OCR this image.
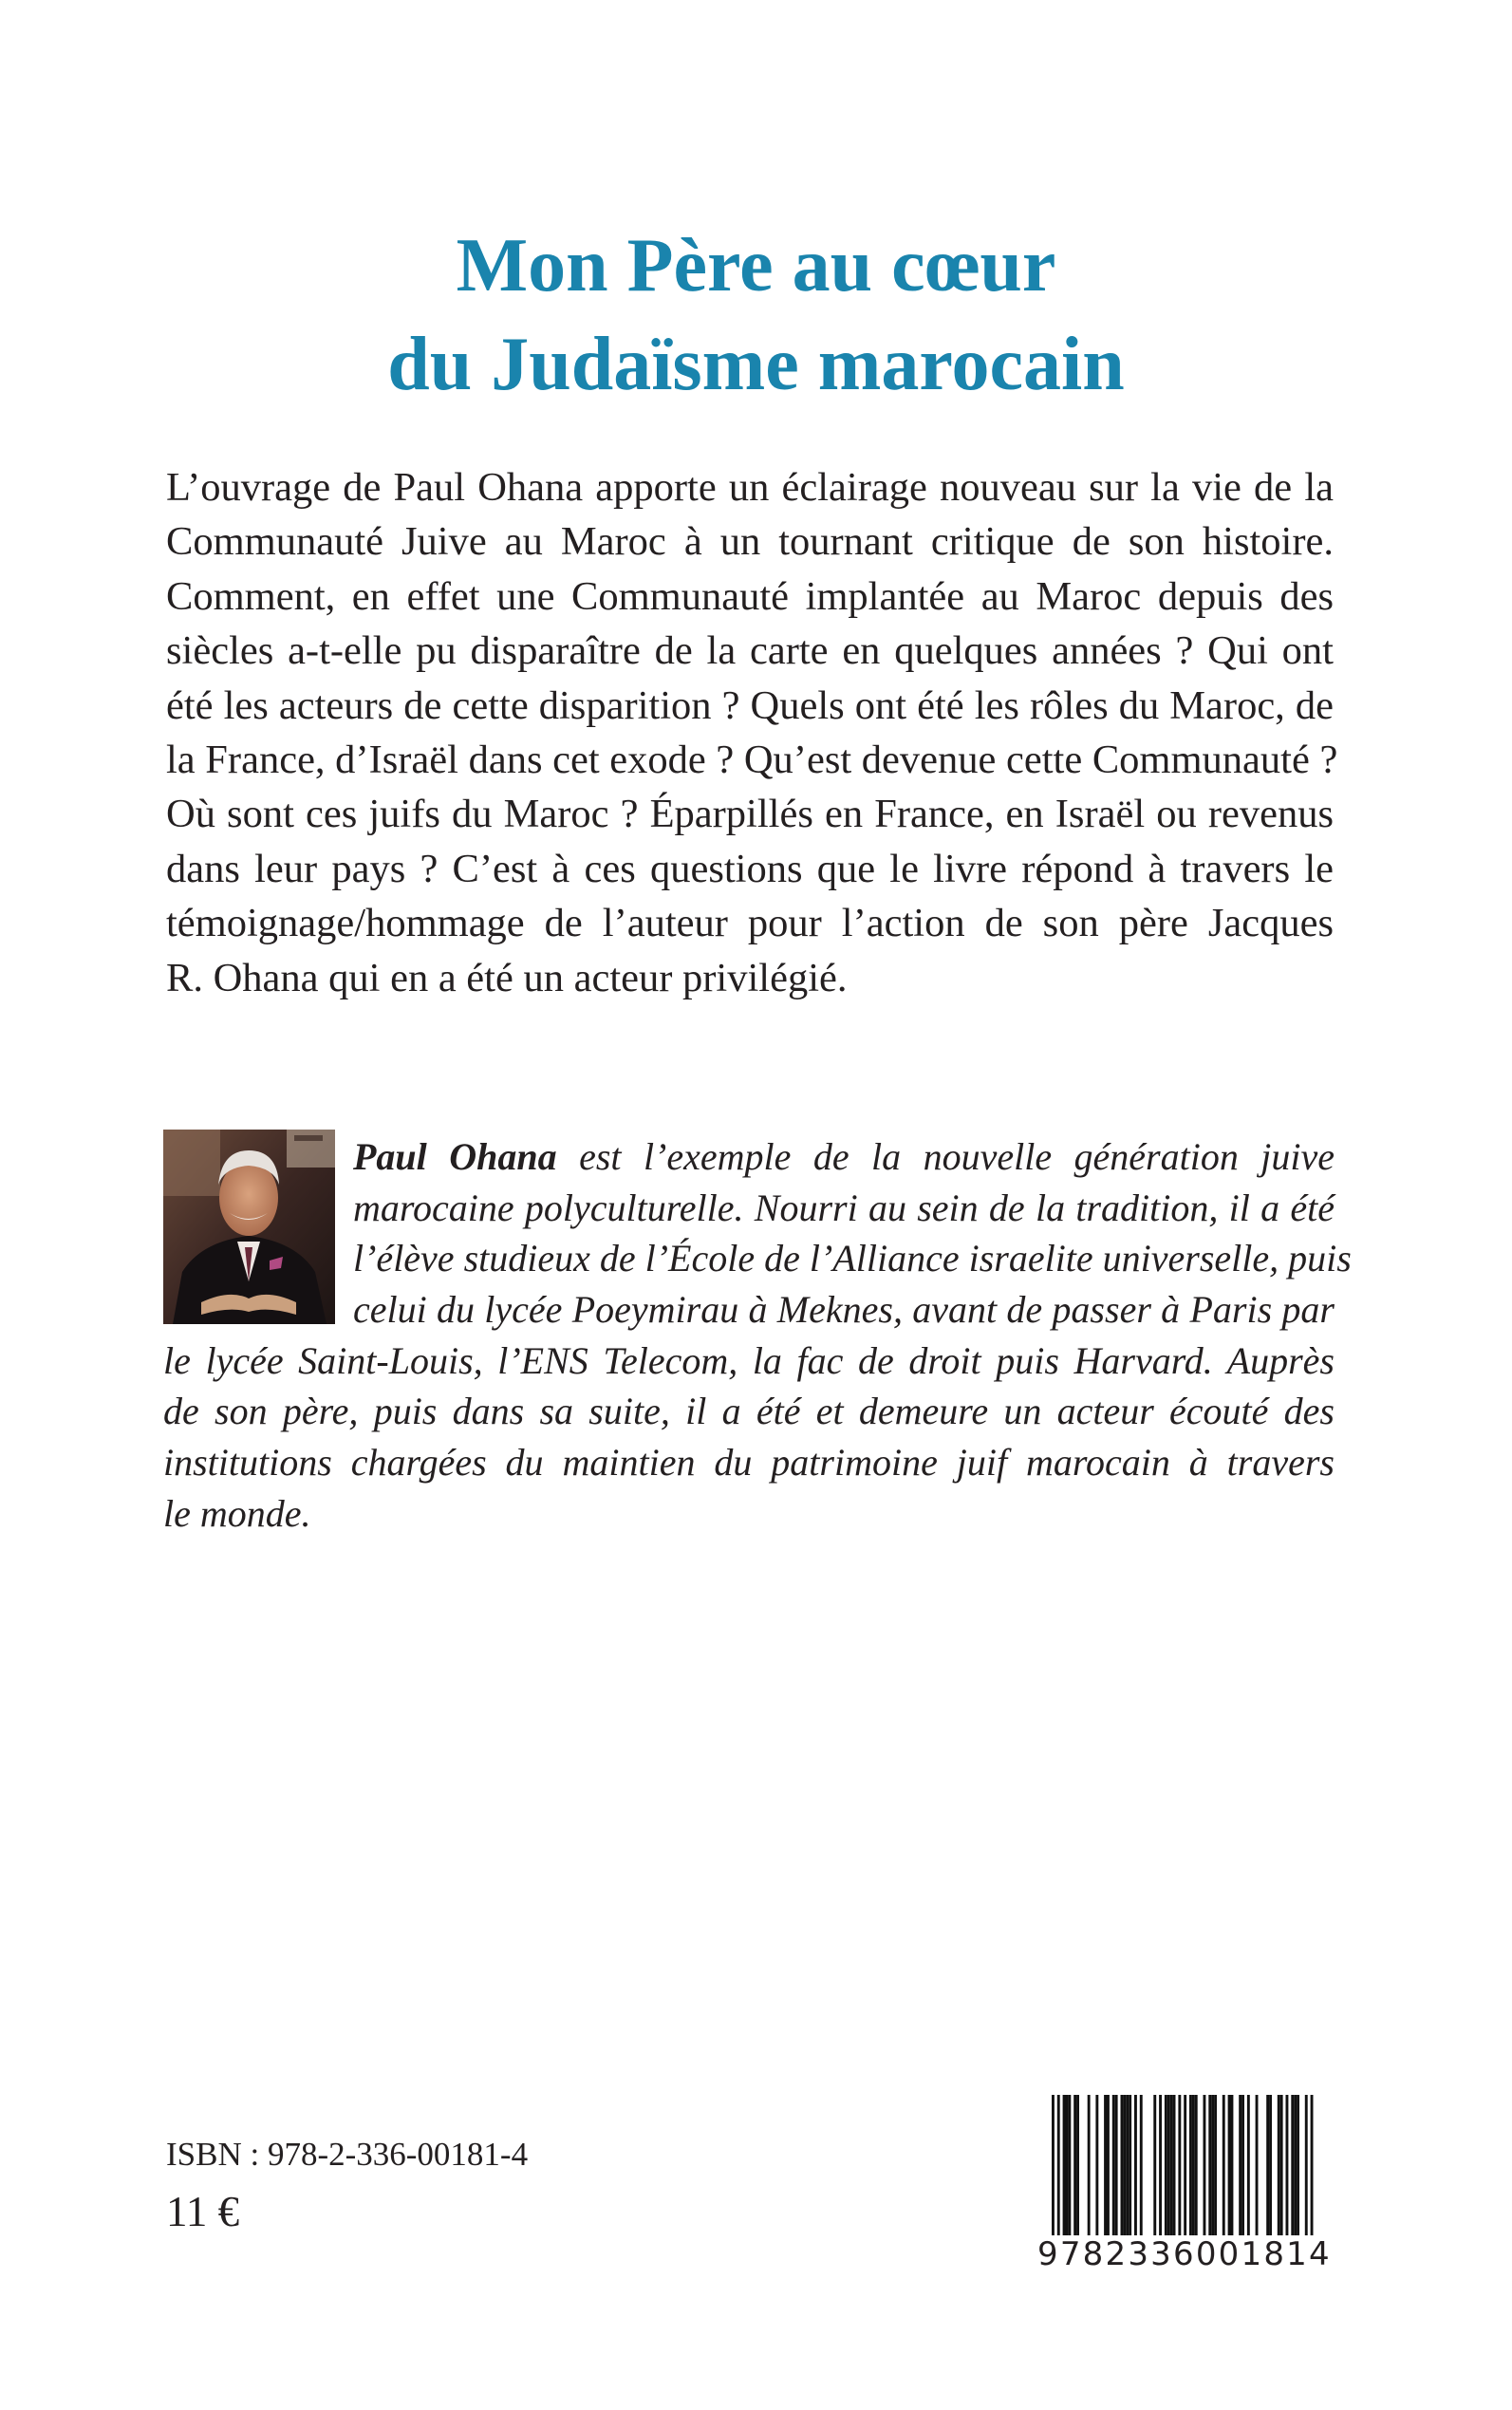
Mon Père au cœur
du Judaïsme marocain
L’ouvrage de Paul Ohana apporte un éclairage nouveau sur la vie de la
Communauté Juive au Maroc à un tournant critique de son histoire.
Comment, en effet une Communauté implantée au Maroc depuis des
siècles a-t-elle pu disparaître de la carte en quelques années ? Qui ont
été les acteurs de cette disparition ? Quels ont été les rôles du Maroc, de
la France, d’Israël dans cet exode ? Qu’est devenue cette Communauté ?
Où sont ces juifs du Maroc ? Éparpillés en France, en Israël ou revenus
dans leur pays ? C’est à ces questions que le livre répond à travers le
témoignage/hommage de l’auteur pour l’action de son père Jacques
R. Ohana qui en a été un acteur privilégié.
Paul Ohana est l’exemple de la nouvelle génération juive
marocaine polyculturelle. Nourri au sein de la tradition, il a été
l’élève studieux de l’École de l’Alliance israelite universelle, puis
celui du lycée Poeymirau à Meknes, avant de passer à Paris par
le lycée Saint-Louis, l’ENS Telecom, la fac de droit puis Harvard. Auprès
de son père, puis dans sa suite, il a été et demeure un acteur écouté des
institutions chargées du maintien du patrimoine juif marocain à travers
le monde.
ISBN : 978-2-336-00181-4
11 €
9782336001814
